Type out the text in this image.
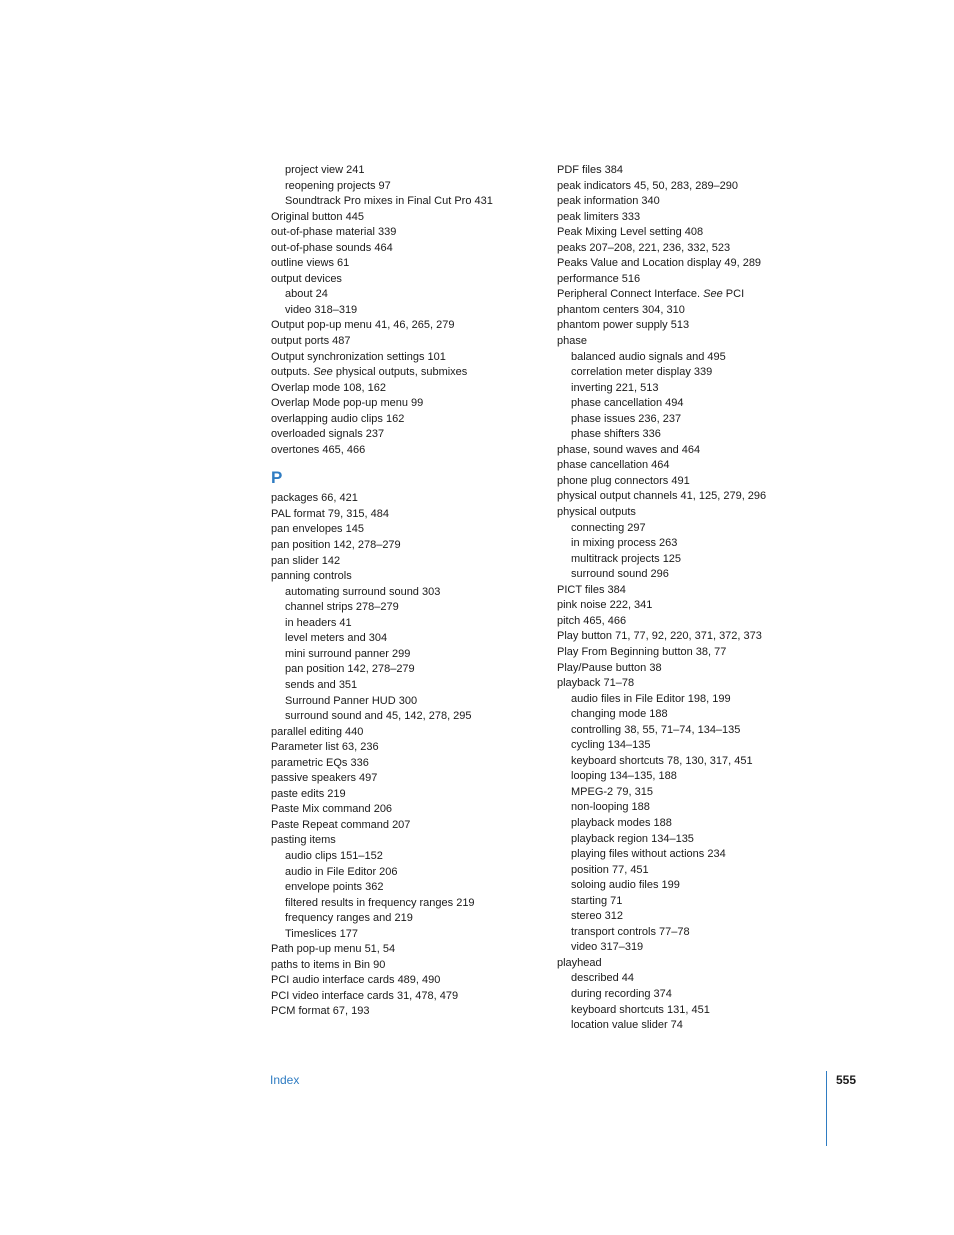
project view 241
reopening projects 97
Soundtrack Pro mixes in Final Cut Pro 431
Original button 445
out-of-phase material 339
out-of-phase sounds 464
outline views 61
output devices
about 24
video 318–319
Output pop-up menu 41, 46, 265, 279
output ports 487
Output synchronization settings 101
outputs. See physical outputs, submixes
Overlap mode 108, 162
Overlap Mode pop-up menu 99
overlapping audio clips 162
overloaded signals 237
overtones 465, 466
P
packages 66, 421
PAL format 79, 315, 484
pan envelopes 145
pan position 142, 278–279
pan slider 142
panning controls
automating surround sound 303
channel strips 278–279
in headers 41
level meters and 304
mini surround panner 299
pan position 142, 278–279
sends and 351
Surround Panner HUD 300
surround sound and 45, 142, 278, 295
parallel editing 440
Parameter list 63, 236
parametric EQs 336
passive speakers 497
paste edits 219
Paste Mix command 206
Paste Repeat command 207
pasting items
audio clips 151–152
audio in File Editor 206
envelope points 362
filtered results in frequency ranges 219
frequency ranges and 219
Timeslices 177
Path pop-up menu 51, 54
paths to items in Bin 90
PCI audio interface cards 489, 490
PCI video interface cards 31, 478, 479
PCM format 67, 193
PDF files 384
peak indicators 45, 50, 283, 289–290
peak information 340
peak limiters 333
Peak Mixing Level setting 408
peaks 207–208, 221, 236, 332, 523
Peaks Value and Location display 49, 289
performance 516
Peripheral Connect Interface. See PCI
phantom centers 304, 310
phantom power supply 513
phase
balanced audio signals and 495
correlation meter display 339
inverting 221, 513
phase cancellation 494
phase issues 236, 237
phase shifters 336
phase, sound waves and 464
phase cancellation 464
phone plug connectors 491
physical output channels 41, 125, 279, 296
physical outputs
connecting 297
in mixing process 263
multitrack projects 125
surround sound 296
PICT files 384
pink noise 222, 341
pitch 465, 466
Play button 71, 77, 92, 220, 371, 372, 373
Play From Beginning button 38, 77
Play/Pause button 38
playback 71–78
audio files in File Editor 198, 199
changing mode 188
controlling 38, 55, 71–74, 134–135
cycling 134–135
keyboard shortcuts 78, 130, 317, 451
looping 134–135, 188
MPEG-2 79, 315
non-looping 188
playback modes 188
playback region 134–135
playing files without actions 234
position 77, 451
soloing audio files 199
starting 71
stereo 312
transport controls 77–78
video 317–319
playhead
described 44
during recording 374
keyboard shortcuts 131, 451
location value slider 74
Index	555
